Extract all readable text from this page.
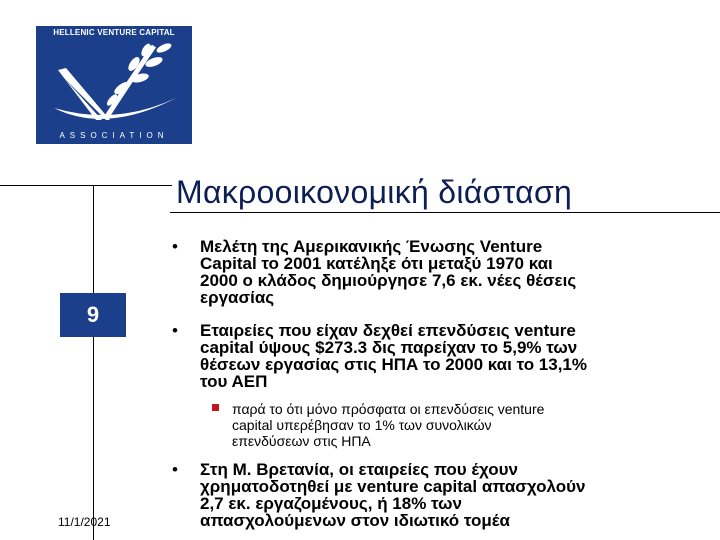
HELLENIC VENTURE CAPITAL
ASSOCIATION
Μακροοικονομική διάσταση
9
11/1/2021
• Μελέτη της Αμερικανικής Ένωσης Venture
Capital το 2001 κατέληξε ότι μεταξύ 1970 και
2000 ο κλάδος δημιούργησε 7,6 εκ. νέες θέσεις
εργασίας
• Εταιρείες που είχαν δεχθεί επενδύσεις venture
capital ύψους $273.3 δις παρείχαν το 5,9% των
θέσεων εργασίας στις ΗΠΑ το 2000 και το 13,1%
του ΑΕΠ
παρά το ότι μόνο πρόσφατα οι επενδύσεις venture
capital υπερέβησαν το 1% των συνολικών
επενδύσεων στις ΗΠΑ
• Στη Μ. Βρετανία, οι εταιρείες που έχουν
χρηματοδοτηθεί με venture capital απασχολούν
2,7 εκ. εργαζομένους, ή 18% των
απασχολούμενων στον ιδιωτικό τομέα
